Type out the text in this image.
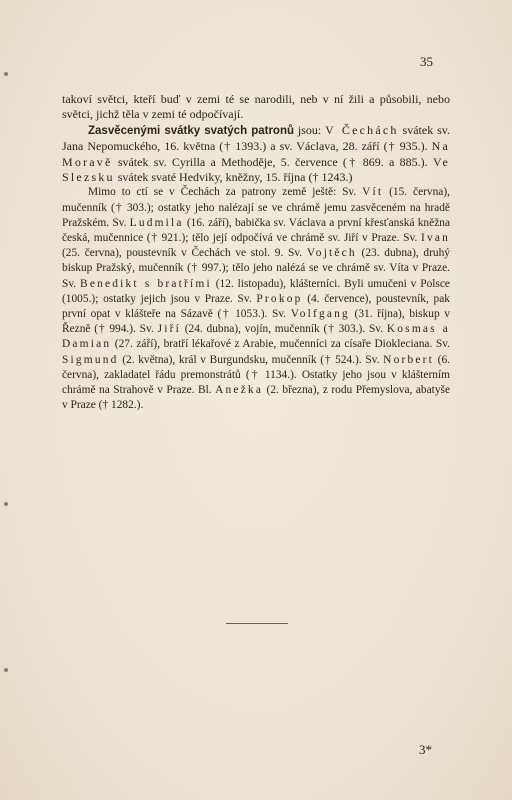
35

takoví světci, kteří buď v zemi té se narodili, neb v ní žili a působili, nebo světci, jichž těla v zemi té odpočívají.

Zasvěcenými svátky svatých patronů jsou: V Čechách svátek sv. Jana Nepomuckého, 16. května († 1393.) a sv. Václava, 28. září († 935.). Na Moravě svátek sv. Cyrilla a Methoděje, 5. července († 869. a 885.). Ve Slezsku svátek svaté Hedviky, kněžny, 15. října († 1243.)

Mimo to ctí se v Čechách za patrony země ještě: Sv. Vít (15. června), mučenník († 303.); ostatky jeho nalézají se ve chrámě jemu zasvěceném na hradě Pražském. Sv. Ludmila (16. září), babička sv. Václava a první křesťanská kněžna česká, mučennice († 921.); tělo její odpočívá ve chrámě sv. Jiří v Praze. Sv. Ivan (25. června), poustevník v Čechách ve stol. 9. Sv. Vojtěch (23. dubna), druhý biskup Pražský, mučenník († 997.); tělo jeho nalézá se ve chrámě sv. Víta v Praze. Sv. Benedikt s bratřími (12. listopadu), klášterníci. Byli umučeni v Polsce (1005.); ostatky jejich jsou v Praze. Sv. Prokop (4. července), poustevník, pak první opat v klášteře na Sázavě († 1053.). Sv. Volfgang (31. října), biskup v Řezně († 994.). Sv. Jiří (24. dubna), vojín, mučenník († 303.). Sv. Kosmas a Damian (27. září), bratří lékařové z Arabie, mučenníci za císaře Diokleciana. Sv. Sigmund (2. května), král v Burgundsku, mučenník († 524.). Sv. Norbert (6. června), zakladatel řádu premonstrátů († 1134.). Ostatky jeho jsou v klášterním chrámě na Strahově v Praze. Bl. Anežka (2. března), z rodu Přemyslova, abatyše v Praze († 1282.).

3*
